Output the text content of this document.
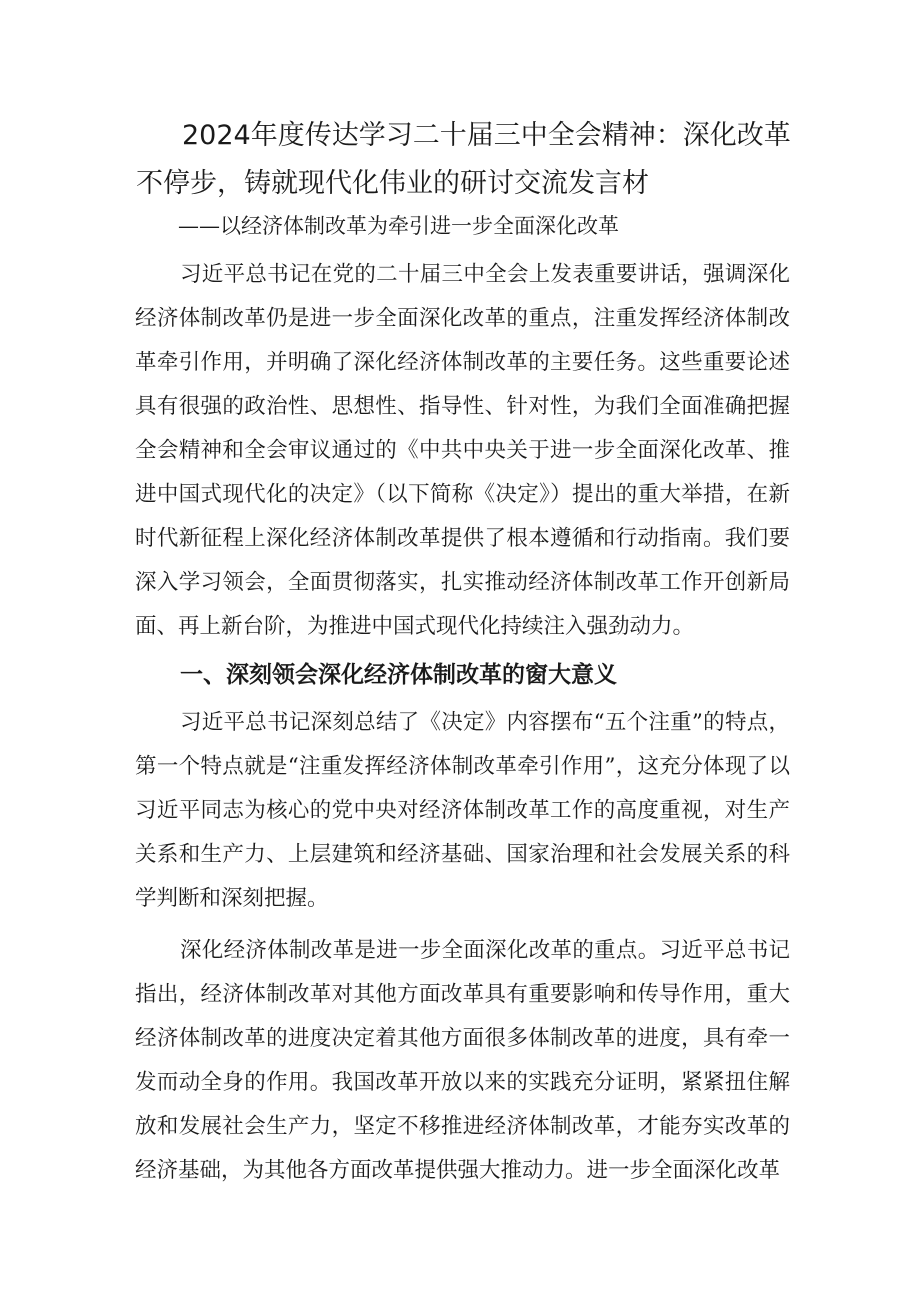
2024年度传达学习二十届三中全会精神：深化改革不停步，铸就现代化伟业的研讨交流发言材

——以经济体制改革为牵引进一步全面深化改革

习近平总书记在党的二十届三中全会上发表重要讲话，强调深化经济体制改革仍是进一步全面深化改革的重点，注重发挥经济体制改革牵引作用，并明确了深化经济体制改革的主要任务。这些重要论述具有很强的政治性、思想性、指导性、针对性，为我们全面准确把握全会精神和全会审议通过的《中共中央关于进一步全面深化改革、推进中国式现代化的决定》（以下简称《决定》）提出的重大举措，在新时代新征程上深化经济体制改革提供了根本遵循和行动指南。我们要深入学习领会，全面贯彻落实，扎实推动经济体制改革工作开创新局面、再上新台阶，为推进中国式现代化持续注入强劲动力。

一、深刻领会深化经济体制改革的窗大意义

习近平总书记深刻总结了《决定》内容摆布“五个注重”的特点，第一个特点就是“注重发挥经济体制改革牵引作用”，这充分体现了以习近平同志为核心的党中央对经济体制改革工作的高度重视，对生产关系和生产力、上层建筑和经济基础、国家治理和社会发展关系的科学判断和深刻把握。

深化经济体制改革是进一步全面深化改革的重点。习近平总书记指出，经济体制改革对其他方面改革具有重要影响和传导作用，重大经济体制改革的进度决定着其他方面很多体制改革的进度，具有牵一发而动全身的作用。我国改革开放以来的实践充分证明，紧紧扭住解放和发展社会生产力，坚定不移推进经济体制改革，才能夯实改革的经济基础，为其他各方面改革提供强大推动力。进一步全面深化改革
